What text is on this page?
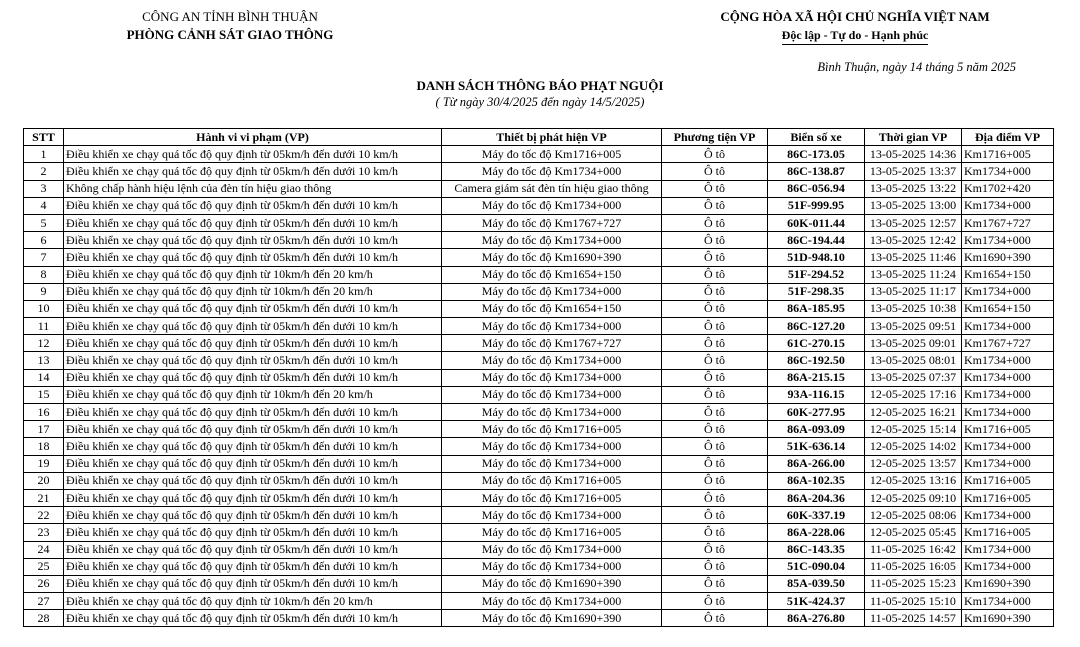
CÔNG AN TỈNH BÌNH THUẬN
PHÒNG CẢNH SÁT GIAO THÔNG
CỘNG HÒA XÃ HỘI CHỦ NGHĨA VIỆT NAM
Độc lập - Tự do - Hạnh phúc
Bình Thuận, ngày 14 tháng 5 năm 2025
DANH SÁCH THÔNG BÁO PHẠT NGUỘI
( Từ ngày 30/4/2025 đến ngày 14/5/2025)
STT	Hành vi vi phạm (VP)	Thiết bị phát hiện VP	Phương tiện VP	Biển số xe	Thời gian VP	Địa điểm VP
1	Điều khiển xe chạy quá tốc độ quy định từ 05km/h đến dưới 10 km/h	Máy đo tốc độ Km1716+005	Ô tô	86C-173.05	13-05-2025 14:36	Km1716+005
2	Điều khiển xe chạy quá tốc độ quy định từ 05km/h đến dưới 10 km/h	Máy đo tốc độ Km1734+000	Ô tô	86C-138.87	13-05-2025 13:37	Km1734+000
3	Không chấp hành hiệu lệnh của đèn tín hiệu giao thông	Camera giám sát đèn tín hiệu giao thông	Ô tô	86C-056.94	13-05-2025 13:22	Km1702+420
4	Điều khiển xe chạy quá tốc độ quy định từ 05km/h đến dưới 10 km/h	Máy đo tốc độ Km1734+000	Ô tô	51F-999.95	13-05-2025 13:00	Km1734+000
5	Điều khiển xe chạy quá tốc độ quy định từ 05km/h đến dưới 10 km/h	Máy đo tốc độ Km1767+727	Ô tô	60K-011.44	13-05-2025 12:57	Km1767+727
6	Điều khiển xe chạy quá tốc độ quy định từ 05km/h đến dưới 10 km/h	Máy đo tốc độ Km1734+000	Ô tô	86C-194.44	13-05-2025 12:42	Km1734+000
7	Điều khiển xe chạy quá tốc độ quy định từ 05km/h đến dưới 10 km/h	Máy đo tốc độ Km1690+390	Ô tô	51D-948.10	13-05-2025 11:46	Km1690+390
8	Điều khiển xe chạy quá tốc độ quy định từ 10km/h đến 20 km/h	Máy đo tốc độ Km1654+150	Ô tô	51F-294.52	13-05-2025 11:24	Km1654+150
9	Điều khiển xe chạy quá tốc độ quy định từ 10km/h đến 20 km/h	Máy đo tốc độ Km1734+000	Ô tô	51F-298.35	13-05-2025 11:17	Km1734+000
10	Điều khiển xe chạy quá tốc độ quy định từ 05km/h đến dưới 10 km/h	Máy đo tốc độ Km1654+150	Ô tô	86A-185.95	13-05-2025 10:38	Km1654+150
11	Điều khiển xe chạy quá tốc độ quy định từ 05km/h đến dưới 10 km/h	Máy đo tốc độ Km1734+000	Ô tô	86C-127.20	13-05-2025 09:51	Km1734+000
12	Điều khiển xe chạy quá tốc độ quy định từ 05km/h đến dưới 10 km/h	Máy đo tốc độ Km1767+727	Ô tô	61C-270.15	13-05-2025 09:01	Km1767+727
13	Điều khiển xe chạy quá tốc độ quy định từ 05km/h đến dưới 10 km/h	Máy đo tốc độ Km1734+000	Ô tô	86C-192.50	13-05-2025 08:01	Km1734+000
14	Điều khiển xe chạy quá tốc độ quy định từ 05km/h đến dưới 10 km/h	Máy đo tốc độ Km1734+000	Ô tô	86A-215.15	13-05-2025 07:37	Km1734+000
15	Điều khiển xe chạy quá tốc độ quy định từ 10km/h đến 20 km/h	Máy đo tốc độ Km1734+000	Ô tô	93A-116.15	12-05-2025 17:16	Km1734+000
16	Điều khiển xe chạy quá tốc độ quy định từ 05km/h đến dưới 10 km/h	Máy đo tốc độ Km1734+000	Ô tô	60K-277.95	12-05-2025 16:21	Km1734+000
17	Điều khiển xe chạy quá tốc độ quy định từ 05km/h đến dưới 10 km/h	Máy đo tốc độ Km1716+005	Ô tô	86A-093.09	12-05-2025 15:14	Km1716+005
18	Điều khiển xe chạy quá tốc độ quy định từ 05km/h đến dưới 10 km/h	Máy đo tốc độ Km1734+000	Ô tô	51K-636.14	12-05-2025 14:02	Km1734+000
19	Điều khiển xe chạy quá tốc độ quy định từ 05km/h đến dưới 10 km/h	Máy đo tốc độ Km1734+000	Ô tô	86A-266.00	12-05-2025 13:57	Km1734+000
20	Điều khiển xe chạy quá tốc độ quy định từ 05km/h đến dưới 10 km/h	Máy đo tốc độ Km1716+005	Ô tô	86A-102.35	12-05-2025 13:16	Km1716+005
21	Điều khiển xe chạy quá tốc độ quy định từ 05km/h đến dưới 10 km/h	Máy đo tốc độ Km1716+005	Ô tô	86A-204.36	12-05-2025 09:10	Km1716+005
22	Điều khiển xe chạy quá tốc độ quy định từ 05km/h đến dưới 10 km/h	Máy đo tốc độ Km1734+000	Ô tô	60K-337.19	12-05-2025 08:06	Km1734+000
23	Điều khiển xe chạy quá tốc độ quy định từ 05km/h đến dưới 10 km/h	Máy đo tốc độ Km1716+005	Ô tô	86A-228.06	12-05-2025 05:45	Km1716+005
24	Điều khiển xe chạy quá tốc độ quy định từ 05km/h đến dưới 10 km/h	Máy đo tốc độ Km1734+000	Ô tô	86C-143.35	11-05-2025 16:42	Km1734+000
25	Điều khiển xe chạy quá tốc độ quy định từ 05km/h đến dưới 10 km/h	Máy đo tốc độ Km1734+000	Ô tô	51C-090.04	11-05-2025 16:05	Km1734+000
26	Điều khiển xe chạy quá tốc độ quy định từ 05km/h đến dưới 10 km/h	Máy đo tốc độ Km1690+390	Ô tô	85A-039.50	11-05-2025 15:23	Km1690+390
27	Điều khiển xe chạy quá tốc độ quy định từ 10km/h đến 20 km/h	Máy đo tốc độ Km1734+000	Ô tô	51K-424.37	11-05-2025 15:10	Km1734+000
28	Điều khiển xe chạy quá tốc độ quy định từ 05km/h đến dưới 10 km/h	Máy đo tốc độ Km1690+390	Ô tô	86A-276.80	11-05-2025 14:57	Km1690+390
